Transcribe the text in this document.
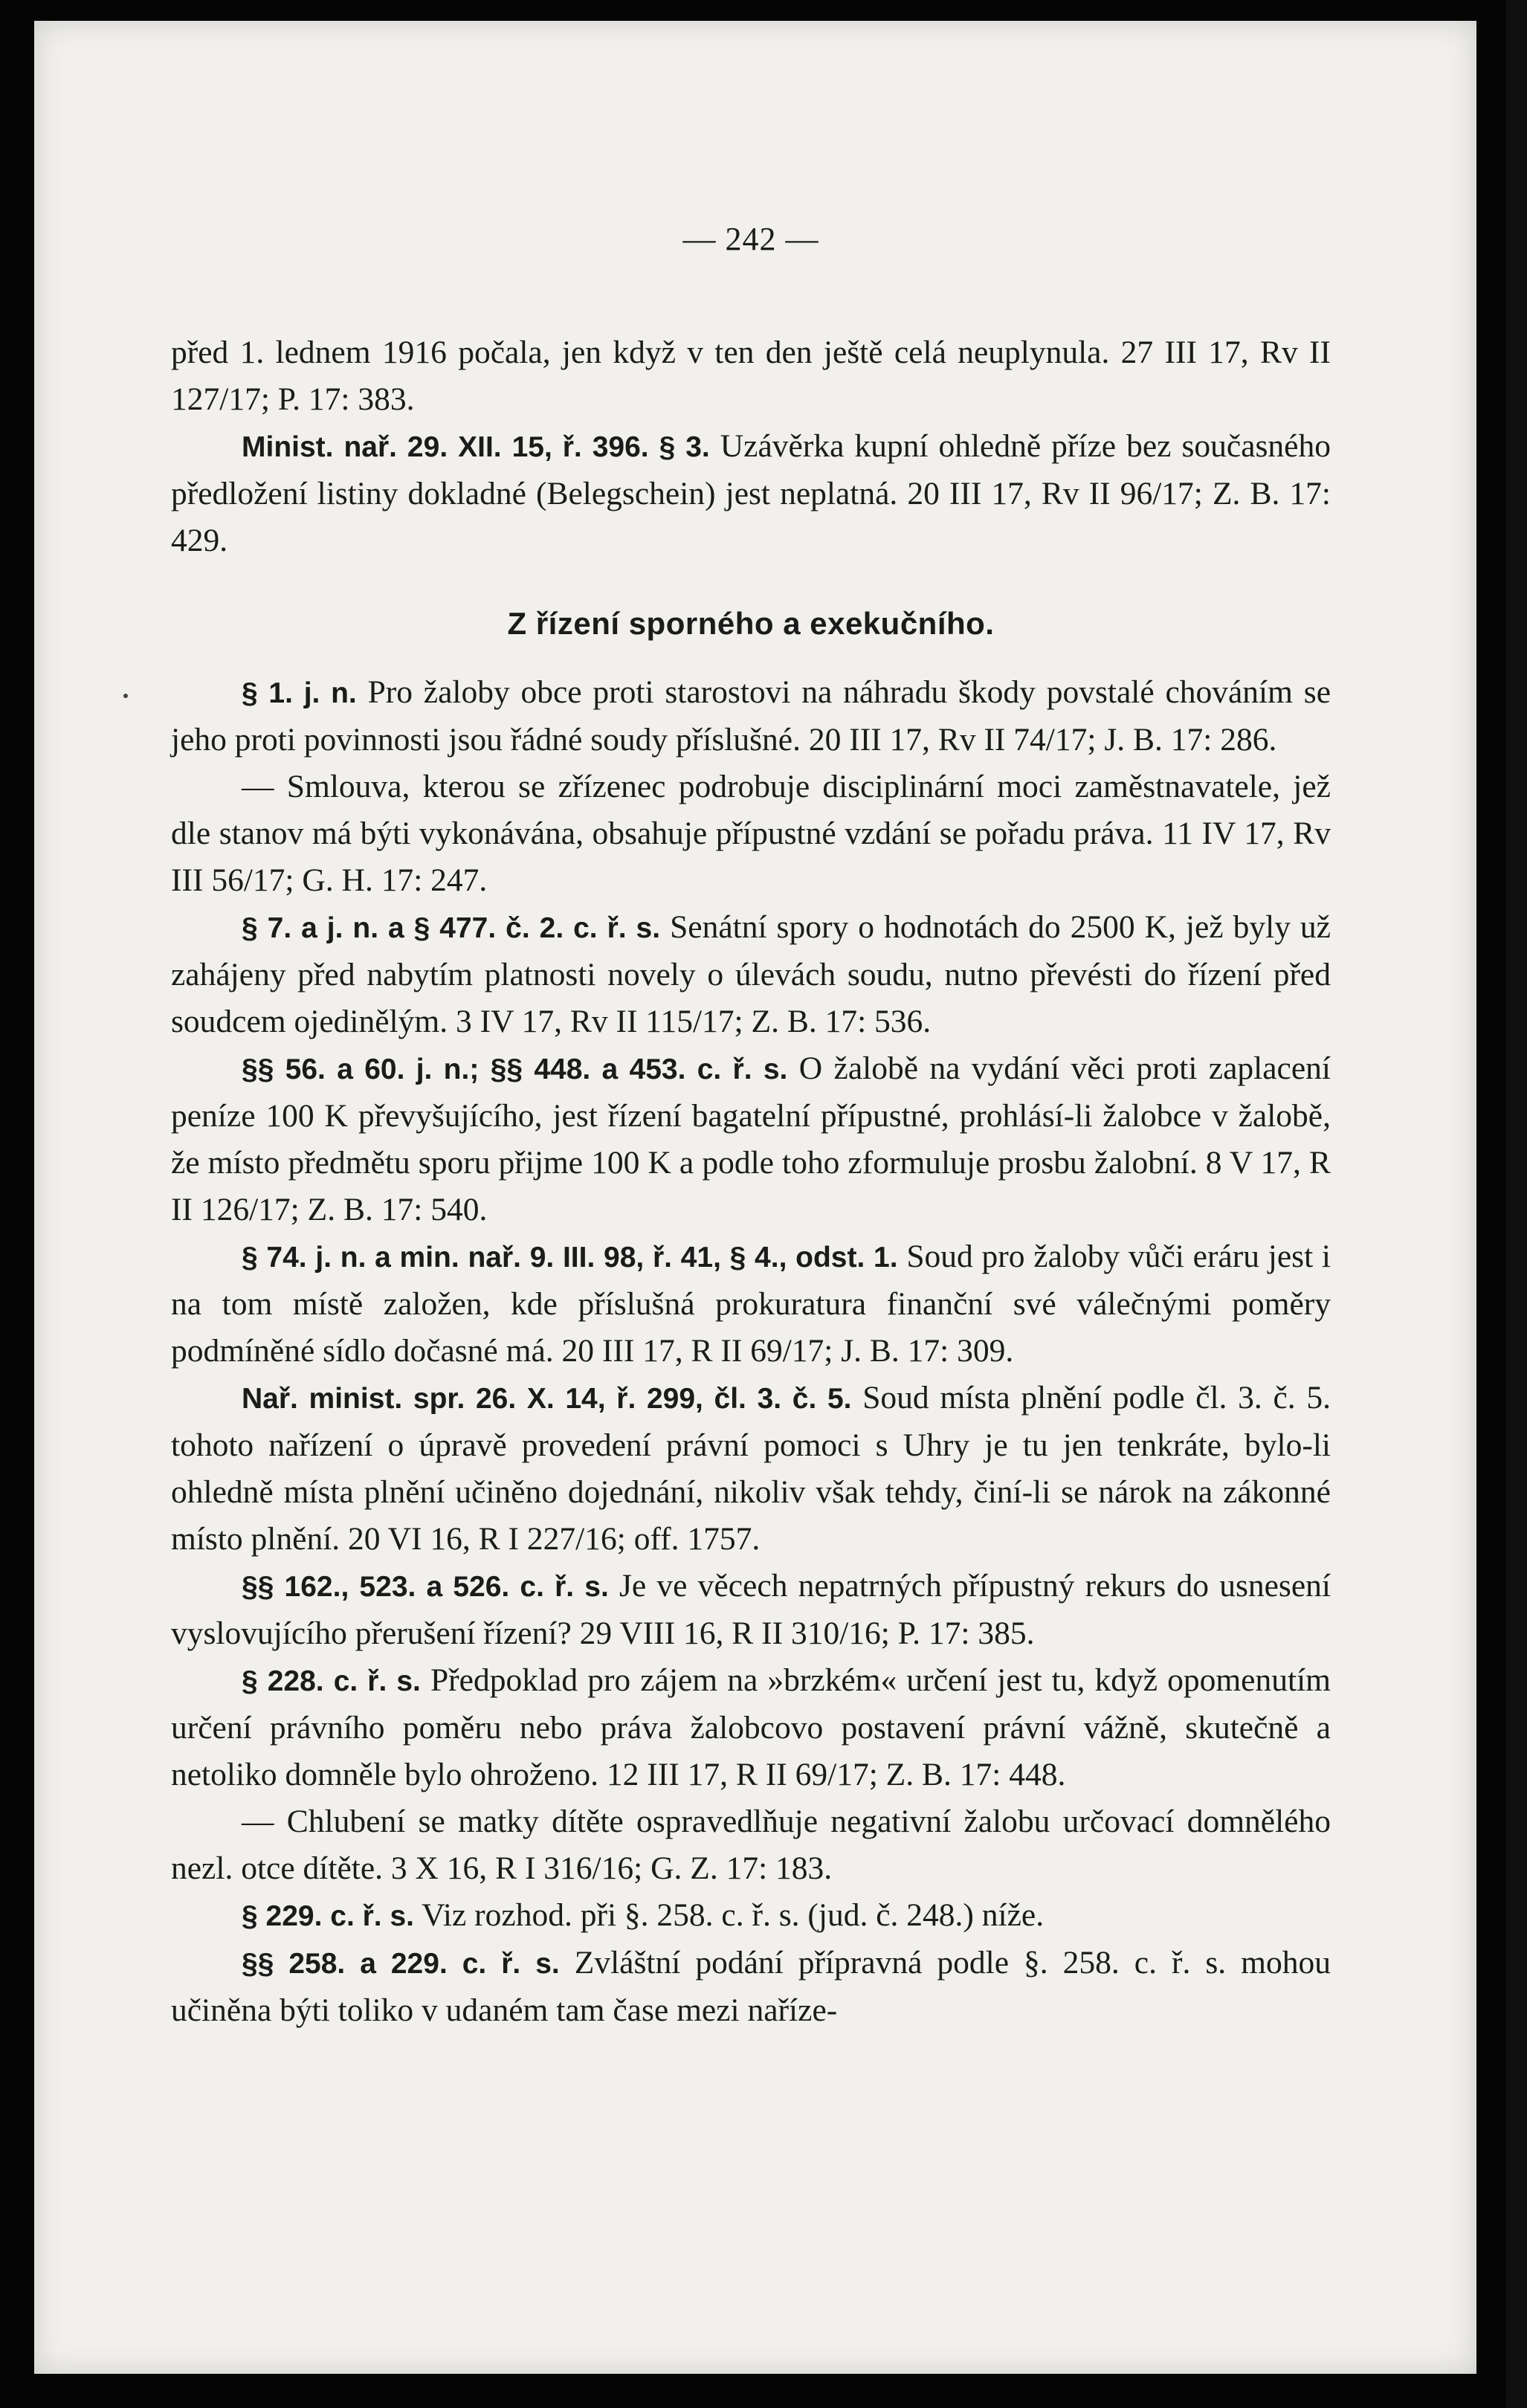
— 242 —

před 1. lednem 1916 počala, jen když v ten den ještě celá neuplynula. 27 III 17, Rv II 127/17; P. 17: 383.

Minist. nař. 29. XII. 15, ř. 396. § 3. Uzávěrka kupní ohledně příze bez současného předložení listiny dokladné (Belegschein) jest neplatná. 20 III 17, Rv II 96/17; Z. B. 17: 429.

Z řízení sporného a exekučního.

§ 1. j. n. Pro žaloby obce proti starostovi na náhradu škody povstalé chováním se jeho proti povinnosti jsou řádné soudy příslušné. 20 III 17, Rv II 74/17; J. B. 17: 286.

— Smlouva, kterou se zřízenec podrobuje disciplinární moci zaměstnavatele, jež dle stanov má býti vykonávána, obsahuje přípustné vzdání se pořadu práva. 11 IV 17, Rv III 56/17; G. H. 17: 247.

§ 7. a j. n. a § 477. č. 2. c. ř. s. Senátní spory o hodnotách do 2500 K, jež byly už zahájeny před nabytím platnosti novely o úlevách soudu, nutno převésti do řízení před soudcem ojedinělým. 3 IV 17, Rv II 115/17; Z. B. 17: 536.

§§ 56. a 60. j. n.; §§ 448. a 453. c. ř. s. O žalobě na vydání věci proti zaplacení peníze 100 K převyšujícího, jest řízení bagatelní přípustné, prohlásí-li žalobce v žalobě, že místo předmětu sporu přijme 100 K a podle toho zformuluje prosbu žalobní. 8 V 17, R II 126/17; Z. B. 17: 540.

§ 74. j. n. a min. nař. 9. III. 98, ř. 41, § 4., odst. 1. Soud pro žaloby vůči eráru jest i na tom místě založen, kde příslušná prokuratura finanční své válečnými poměry podmíněné sídlo dočasné má. 20 III 17, R II 69/17; J. B. 17: 309.

Nař. minist. spr. 26. X. 14, ř. 299, čl. 3. č. 5. Soud místa plnění podle čl. 3. č. 5. tohoto nařízení o úpravě provedení právní pomoci s Uhry je tu jen tenkráte, bylo-li ohledně místa plnění učiněno dojednání, nikoliv však tehdy, činí-li se nárok na zákonné místo plnění. 20 VI 16, R I 227/16; off. 1757.

§§ 162., 523. a 526. c. ř. s. Je ve věcech nepatrných přípustný rekurs do usnesení vyslovujícího přerušení řízení? 29 VIII 16, R II 310/16; P. 17: 385.

§ 228. c. ř. s. Předpoklad pro zájem na »brzkém« určení jest tu, když opomenutím určení právního poměru nebo práva žalobcovo postavení právní vážně, skutečně a netoliko domněle bylo ohroženo. 12 III 17, R II 69/17; Z. B. 17: 448.

— Chlubení se matky dítěte ospravedlňuje negativní žalobu určovací domnělého nezl. otce dítěte. 3 X 16, R I 316/16; G. Z. 17: 183.

§ 229. c. ř. s. Viz rozhod. při §. 258. c. ř. s. (jud. č. 248.) níže.

§§ 258. a 229. c. ř. s. Zvláštní podání přípravná podle §. 258. c. ř. s. mohou učiněna býti toliko v udaném tam čase mezi naříze-
